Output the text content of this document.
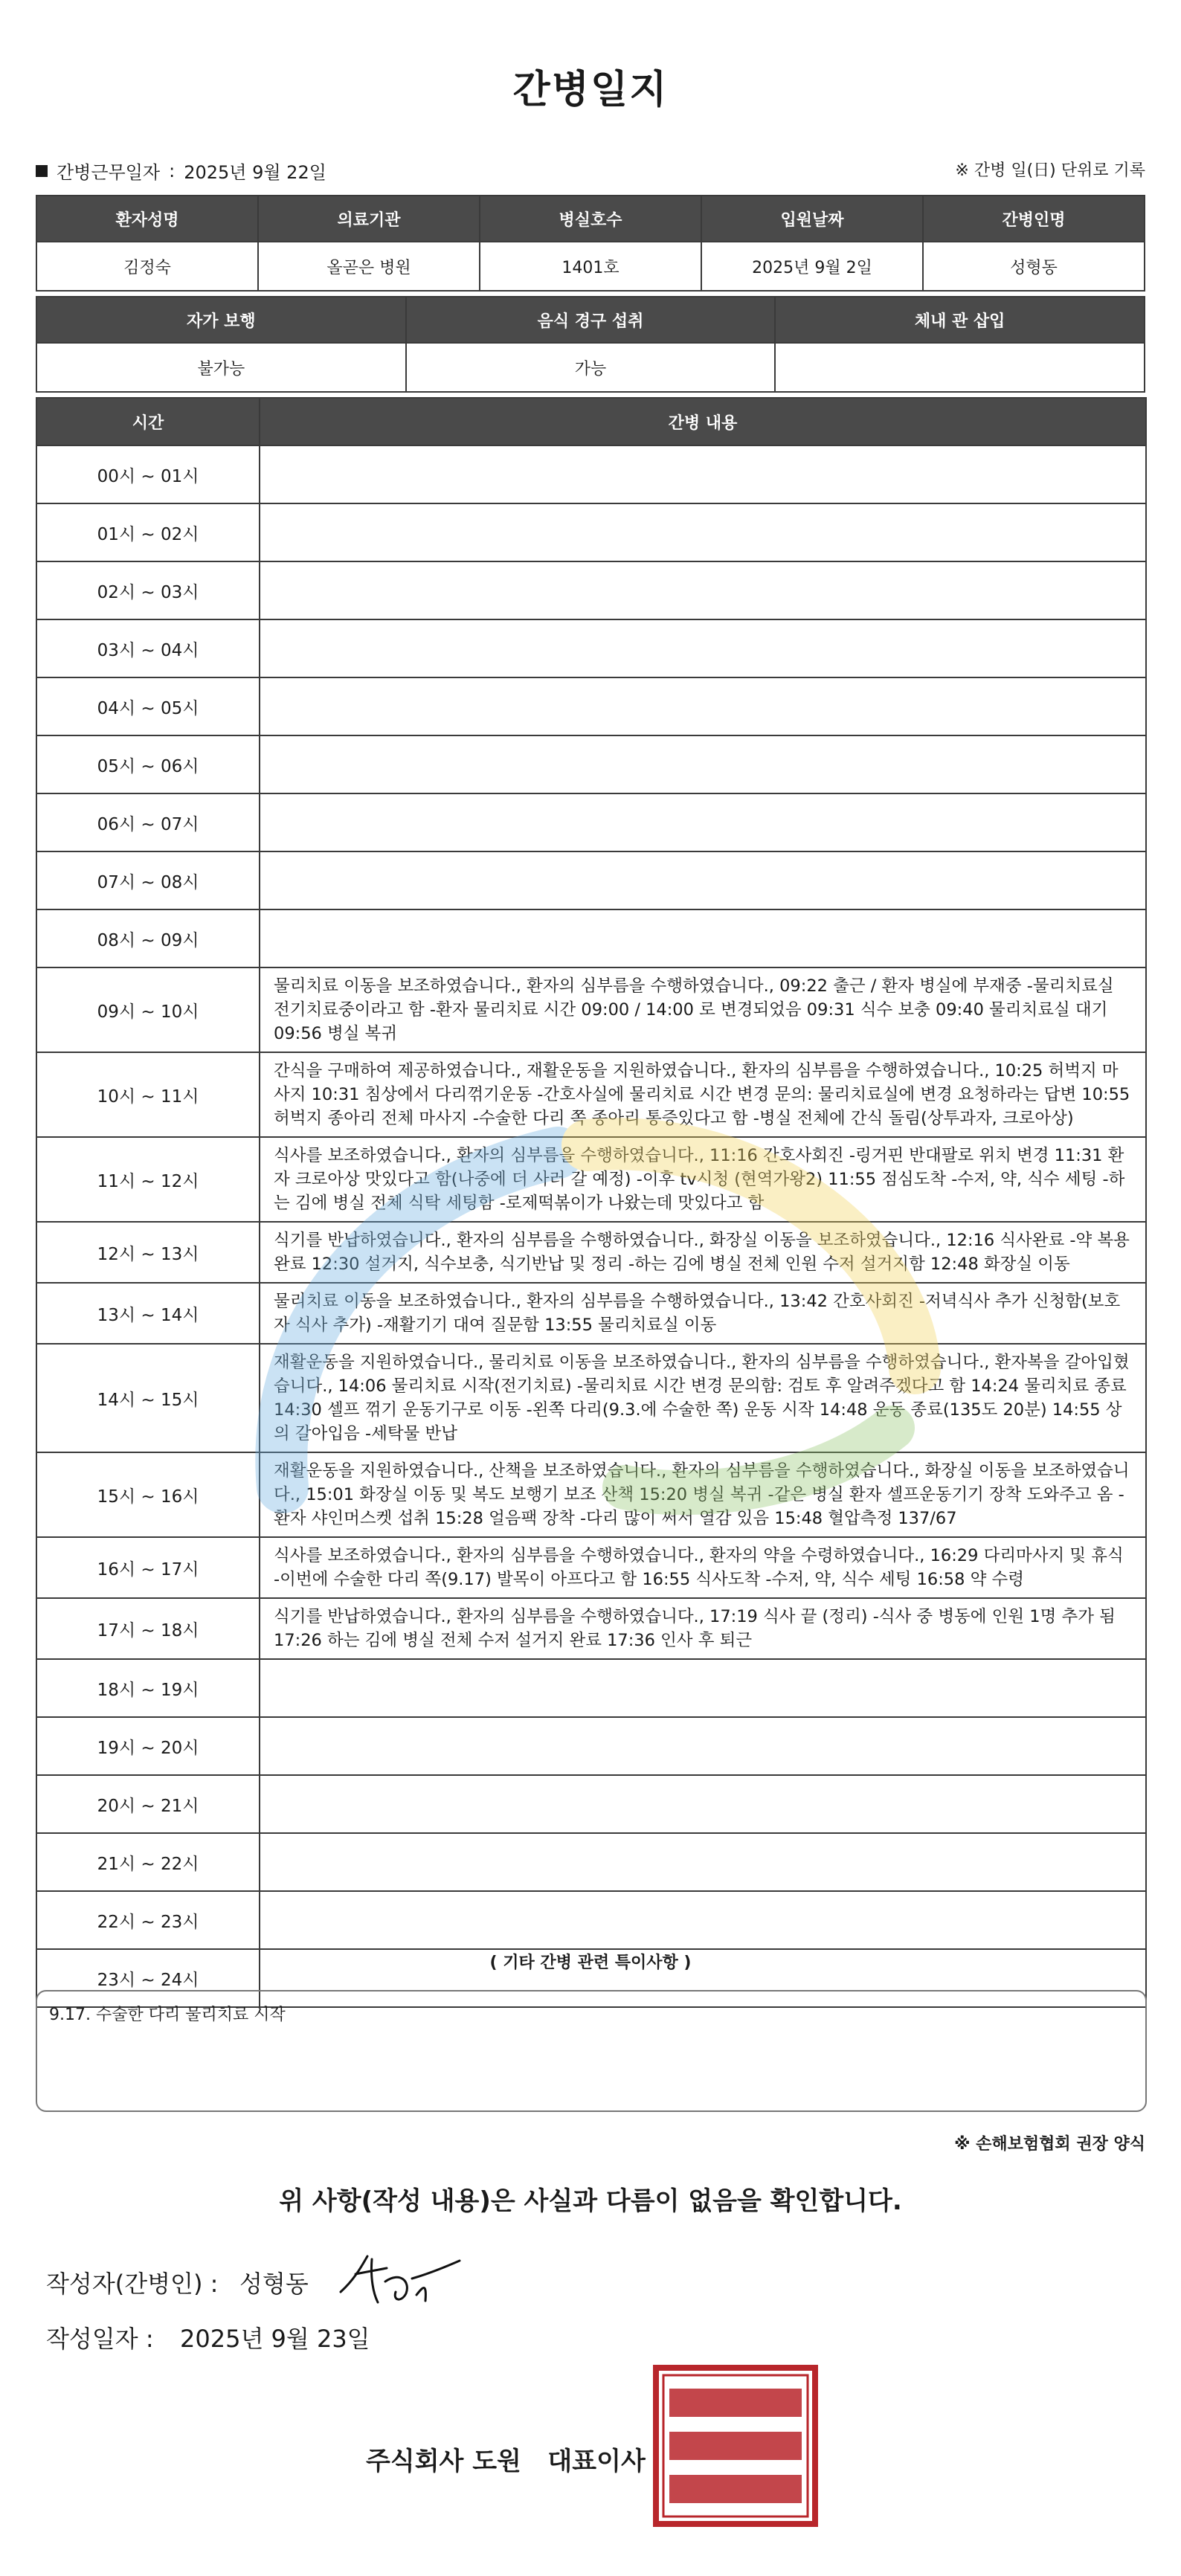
간병일지
간병근무일자 : 2025년 9월 22일	※ 간병 일(日) 단위로 기록
환자성명	의료기관	병실호수	입원날짜	간병인명
김정숙	올곧은 병원	1401호	2025년 9월 2일	성형동
자가 보행	음식 경구 섭취	체내 관 삽입
불가능	가능	
시간	간병 내용
00시 ~ 01시	
01시 ~ 02시	
02시 ~ 03시	
03시 ~ 04시	
04시 ~ 05시	
05시 ~ 06시	
06시 ~ 07시	
07시 ~ 08시	
08시 ~ 09시	
09시 ~ 10시	물리치료 이동을 보조하였습니다., 환자의 심부름을 수행하였습니다., 09:22 출근 / 환자 병실에 부재중 -물리치료실 전기치료중이라고 함 -환자 물리치료 시간 09:00 / 14:00 로 변경되었음 09:31 식수 보충 09:40 물리치료실 대기 09:56 병실 복귀
10시 ~ 11시	간식을 구매하여 제공하였습니다., 재활운동을 지원하였습니다., 환자의 심부름을 수행하였습니다., 10:25 허벅지 마사지 10:31 침상에서 다리꺾기운동 -간호사실에 물리치료 시간 변경 문의: 물리치료실에 변경 요청하라는 답변 10:55 허벅지 종아리 전체 마사지 -수술한 다리 쪽 종아리 통증있다고 함 -병실 전체에 간식 돌림(상투과자, 크로아상)
11시 ~ 12시	식사를 보조하였습니다., 환자의 심부름을 수행하였습니다., 11:16 간호사회진 -링거핀 반대팔로 위치 변경 11:31 환자 크로아상 맛있다고 함(나중에 더 사러 갈 예정) -이후 tv시청 (현역가왕2) 11:55 점심도착 -수저, 약, 식수 세팅 -하는 김에 병실 전체 식탁 세팅함 -로제떡볶이가 나왔는데 맛있다고 함
12시 ~ 13시	식기를 반납하였습니다., 환자의 심부름을 수행하였습니다., 화장실 이동을 보조하였습니다., 12:16 식사완료 -약 복용 완료 12:30 설거지, 식수보충, 식기반납 및 정리 -하는 김에 병실 전체 인원 수저 설거지함 12:48 화장실 이동
13시 ~ 14시	물리치료 이동을 보조하였습니다., 환자의 심부름을 수행하였습니다., 13:42 간호사회진 -저녁식사 추가 신청함(보호자 식사 추가) -재활기기 대여 질문함 13:55 물리치료실 이동
14시 ~ 15시	재활운동을 지원하였습니다., 물리치료 이동을 보조하였습니다., 환자의 심부름을 수행하였습니다., 환자복을 갈아입혔습니다., 14:06 물리치료 시작(전기치료) -물리치료 시간 변경 문의함: 검토 후 알려주겠다고 함 14:24 물리치료 종료 14:30 셀프 꺾기 운동기구로 이동 -왼쪽 다리(9.3.에 수술한 쪽) 운동 시작 14:48 운동 종료(135도 20분) 14:55 상의 갈아입음 -세탁물 반납
15시 ~ 16시	재활운동을 지원하였습니다., 산책을 보조하였습니다., 환자의 심부름을 수행하였습니다., 화장실 이동을 보조하였습니다., 15:01 화장실 이동 및 복도 보행기 보조 산책 15:20 병실 복귀 -같은 병실 환자 셀프운동기기 장착 도와주고 옴 -환자 샤인머스켓 섭취 15:28 얼음팩 장착 -다리 많이 써서 열감 있음 15:48 혈압측정 137/67
16시 ~ 17시	식사를 보조하였습니다., 환자의 심부름을 수행하였습니다., 환자의 약을 수령하였습니다., 16:29 다리마사지 및 휴식 -이번에 수술한 다리 쪽(9.17) 발목이 아프다고 함 16:55 식사도착 -수저, 약, 식수 세팅 16:58 약 수령
17시 ~ 18시	식기를 반납하였습니다., 환자의 심부름을 수행하였습니다., 17:19 식사 끝 (정리) -식사 중 병동에 인원 1명 추가 됨 17:26 하는 김에 병실 전체 수저 설거지 완료 17:36 인사 후 퇴근
18시 ~ 19시	
19시 ~ 20시	
20시 ~ 21시	
21시 ~ 22시	
22시 ~ 23시	
23시 ~ 24시	
( 기타 간병 관련 특이사항 )
9.17. 수술한 다리 물리치료 시작
※ 손해보험협회 권장 양식
위 사항(작성 내용)은 사실과 다름이 없음을 확인합니다.
작성자(간병인) : 성형동
작성일자 : 2025년 9월 23일
주식회사 도원   대표이사
